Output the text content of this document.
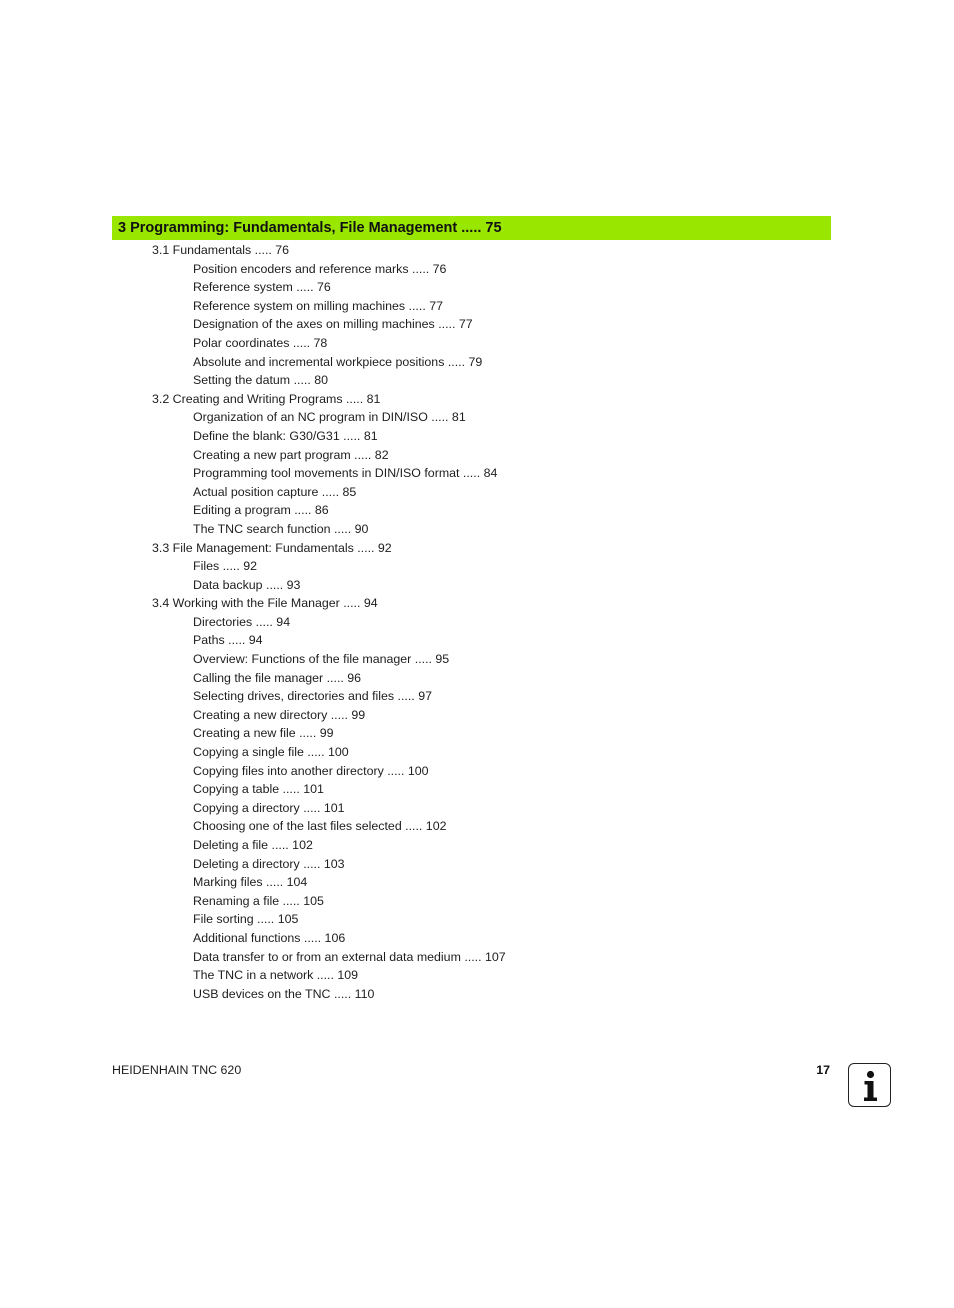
3 Programming: Fundamentals, File Management ..... 75
3.1 Fundamentals ..... 76
Position encoders and reference marks ..... 76
Reference system ..... 76
Reference system on milling machines ..... 77
Designation of the axes on milling machines ..... 77
Polar coordinates ..... 78
Absolute and incremental workpiece positions ..... 79
Setting the datum ..... 80
3.2 Creating and Writing Programs ..... 81
Organization of an NC program in DIN/ISO ..... 81
Define the blank: G30/G31 ..... 81
Creating a new part program ..... 82
Programming tool movements in DIN/ISO format ..... 84
Actual position capture ..... 85
Editing a program ..... 86
The TNC search function ..... 90
3.3 File Management: Fundamentals ..... 92
Files ..... 92
Data backup ..... 93
3.4 Working with the File Manager ..... 94
Directories ..... 94
Paths ..... 94
Overview: Functions of the file manager ..... 95
Calling the file manager ..... 96
Selecting drives, directories and files ..... 97
Creating a new directory ..... 99
Creating a new file ..... 99
Copying a single file ..... 100
Copying files into another directory ..... 100
Copying a table ..... 101
Copying a directory ..... 101
Choosing one of the last files selected ..... 102
Deleting a file ..... 102
Deleting a directory ..... 103
Marking files ..... 104
Renaming a file ..... 105
File sorting ..... 105
Additional functions ..... 106
Data transfer to or from an external data medium ..... 107
The TNC in a network ..... 109
USB devices on the TNC ..... 110
HEIDENHAIN TNC 620	17
